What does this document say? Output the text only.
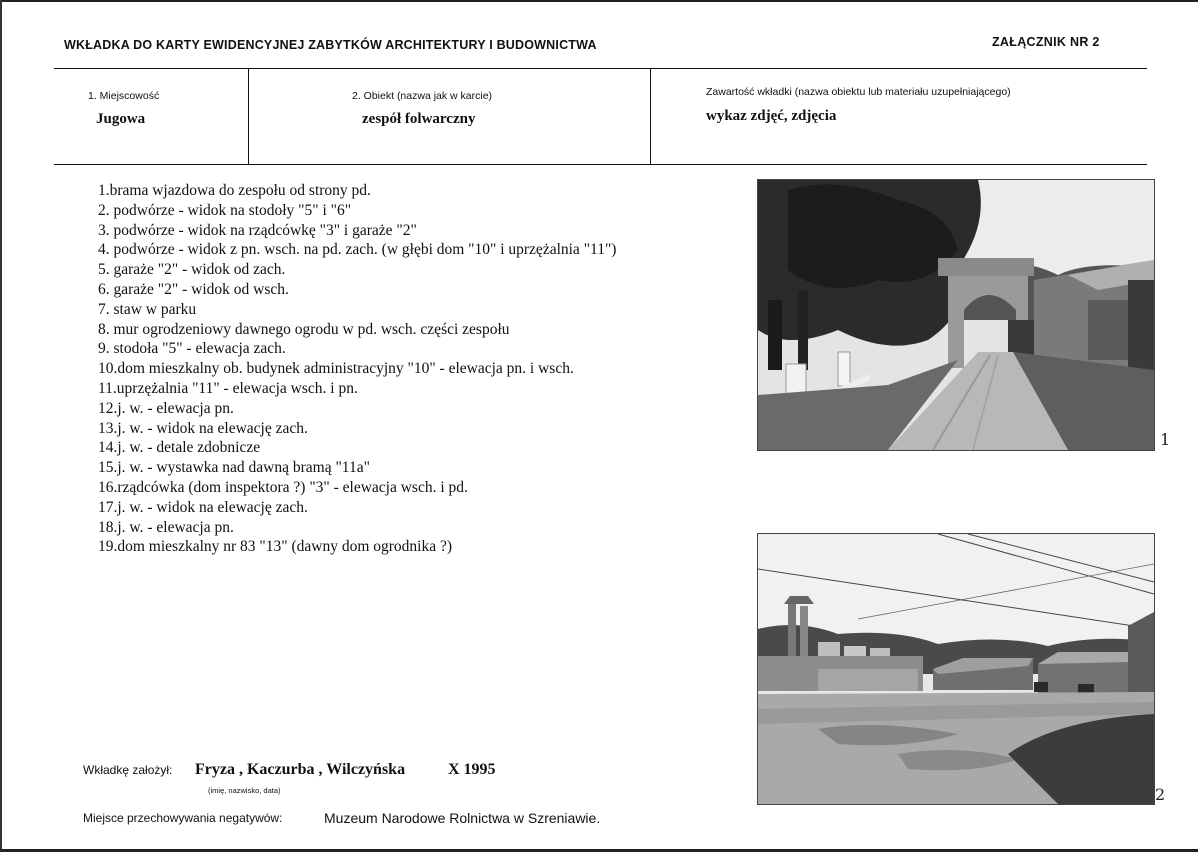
WKŁADKA DO KARTY EWIDENCYJNEJ ZABYTKÓW ARCHITEKTURY I BUDOWNICTWA	ZAŁĄCZNIK NR 2
1. Miejscowość
Jugowa
2. Obiekt (nazwa jak w karcie)
zespół folwarczny
Zawartość wkładki (nazwa obiektu lub materiału uzupełniającego)
wykaz zdjęć, zdjęcia
1.brama wjazdowa do zespołu od strony pd.
2. podwórze - widok na stodoły "5" i "6"
3. podwórze - widok na rządcówkę "3" i garaże "2"
4. podwórze - widok z pn. wsch. na pd. zach. (w głębi dom "10" i uprzężalnia "11")
5. garaże "2" - widok od zach.
6. garaże "2" - widok od wsch.
7. staw w parku
8. mur ogrodzeniowy dawnego ogrodu w pd. wsch. części zespołu
9. stodoła "5" - elewacja zach.
10.dom mieszkalny ob. budynek administracyjny "10" - elewacja pn. i wsch.
11.uprzężalnia "11" - elewacja wsch. i pn.
12.j. w. - elewacja pn.
13.j. w. - widok na elewację zach.
14.j. w. - detale zdobnicze
15.j. w. - wystawka nad dawną bramą "11a"
16.rządcówka (dom inspektora ?) "3" - elewacja wsch. i pd.
17.j. w. - widok na elewację zach.
18.j. w. - elewacja pn.
19.dom mieszkalny nr 83 "13" (dawny dom ogrodnika ?)
1
2
Wkładkę założył: Fryza , Kaczurba , Wilczyńska	X 1995
(imię, nazwisko, data)
Miejsce przechowywania negatywów:	Muzeum Narodowe Rolnictwa w Szreniawie.
